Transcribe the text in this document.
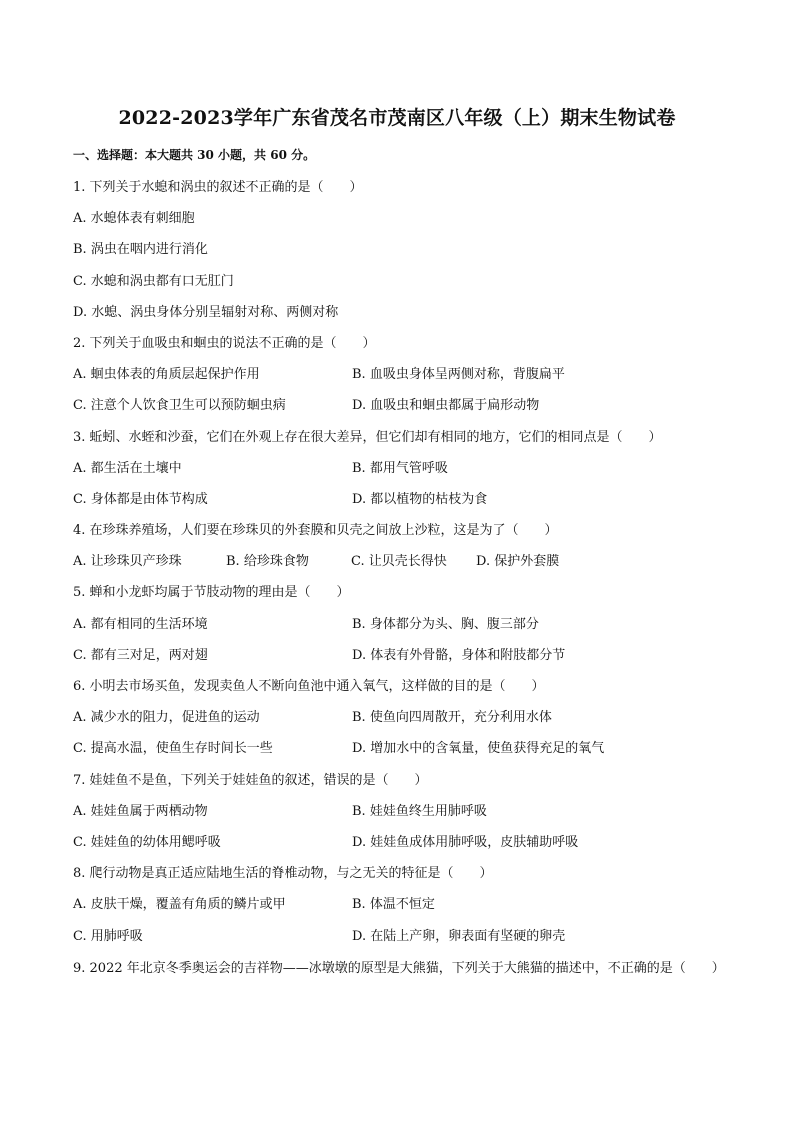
2022-2023学年广东省茂名市茂南区八年级（上）期末生物试卷
一、选择题：本大题共 30 小题，共 60 分。
1. 下列关于水螅和涡虫的叙述不正确的是（　　）
A. 水螅体表有刺细胞
B. 涡虫在咽内进行消化
C. 水螅和涡虫都有口无肛门
D. 水螅、涡虫身体分别呈辐射对称、两侧对称
2. 下列关于血吸虫和蛔虫的说法不正确的是（　　）
A. 蛔虫体表的角质层起保护作用	B. 血吸虫身体呈两侧对称，背腹扁平
C. 注意个人饮食卫生可以预防蛔虫病	D. 血吸虫和蛔虫都属于扁形动物
3. 蚯蚓、水蛭和沙蚕，它们在外观上存在很大差异，但它们却有相同的地方，它们的相同点是（　　）
A. 都生活在土壤中	B. 都用气管呼吸
C. 身体都是由体节构成	D. 都以植物的枯枝为食
4. 在珍珠养殖场，人们要在珍珠贝的外套膜和贝壳之间放上沙粒，这是为了（　　）
A. 让珍珠贝产珍珠	B. 给珍珠食物	C. 让贝壳长得快	D. 保护外套膜
5. 蝉和小龙虾均属于节肢动物的理由是（　　）
A. 都有相同的生活环境	B. 身体都分为头、胸、腹三部分
C. 都有三对足，两对翅	D. 体表有外骨骼，身体和附肢都分节
6. 小明去市场买鱼，发现卖鱼人不断向鱼池中通入氧气，这样做的目的是（　　）
A. 减少水的阻力，促进鱼的运动	B. 使鱼向四周散开，充分利用水体
C. 提高水温，使鱼生存时间长一些	D. 增加水中的含氧量，使鱼获得充足的氧气
7. 娃娃鱼不是鱼，下列关于娃娃鱼的叙述，错误的是（　　）
A. 娃娃鱼属于两栖动物	B. 娃娃鱼终生用肺呼吸
C. 娃娃鱼的幼体用鳃呼吸	D. 娃娃鱼成体用肺呼吸，皮肤辅助呼吸
8. 爬行动物是真正适应陆地生活的脊椎动物，与之无关的特征是（　　）
A. 皮肤干燥，覆盖有角质的鳞片或甲	B. 体温不恒定
C. 用肺呼吸	D. 在陆上产卵，卵表面有坚硬的卵壳
9. 2022 年北京冬季奥运会的吉祥物——冰墩墩的原型是大熊猫，下列关于大熊猫的描述中，不正确的是（　　）
